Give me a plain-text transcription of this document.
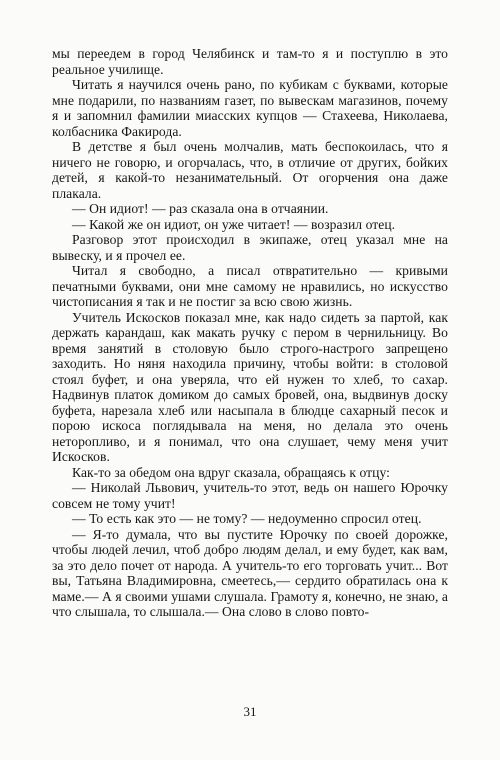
мы переедем в город Челябинск и там-то я и поступлю в это реальное училище.

Читать я научился очень рано, по кубикам с буквами, которые мне подарили, по названиям газет, по вывескам магазинов, почему я и запомнил фамилии миасских купцов — Стахеева, Николаева, колбасника Факирода.

В детстве я был очень молчалив, мать беспокоилась, что я ничего не говорю, и огорчалась, что, в отличие от других, бойких детей, я какой-то незанимательный. От огорчения она даже плакала.

— Он идиот! — раз сказала она в отчаянии.

— Какой же он идиот, он уже читает! — возразил отец.

Разговор этот происходил в экипаже, отец указал мне на вывеску, и я прочел ее.

Читал я свободно, а писал отвратительно — кривыми печатными буквами, они мне самому не нравились, но искусство чистописания я так и не постиг за всю свою жизнь.

Учитель Искосков показал мне, как надо сидеть за партой, как держать карандаш, как макать ручку с пером в чернильницу. Во время занятий в столовую было строго-настрого запрещено заходить. Но няня находила причину, чтобы войти: в столовой стоял буфет, и она уверяла, что ей нужен то хлеб, то сахар. Надвинув платок домиком до самых бровей, она, выдвинув доску буфета, нарезала хлеб или насыпала в блюдце сахарный песок и порою искоса поглядывала на меня, но делала это очень неторопливо, и я понимал, что она слушает, чему меня учит Искосков.

Как-то за обедом она вдруг сказала, обращаясь к отцу:

— Николай Львович, учитель-то этот, ведь он нашего Юрочку совсем не тому учит!

— То есть как это — не тому? — недоуменно спросил отец.

— Я-то думала, что вы пустите Юрочку по своей дорожке, чтобы людей лечил, чтоб добро людям делал, и ему будет, как вам, за это дело почет от народа. А учитель-то его торговать учит... Вот вы, Татьяна Владимировна, смеетесь,— сердито обратилась она к маме.— А я своими ушами слушала. Грамоту я, конечно, не знаю, а что слышала, то слышала.— Она слово в слово повто-

31
